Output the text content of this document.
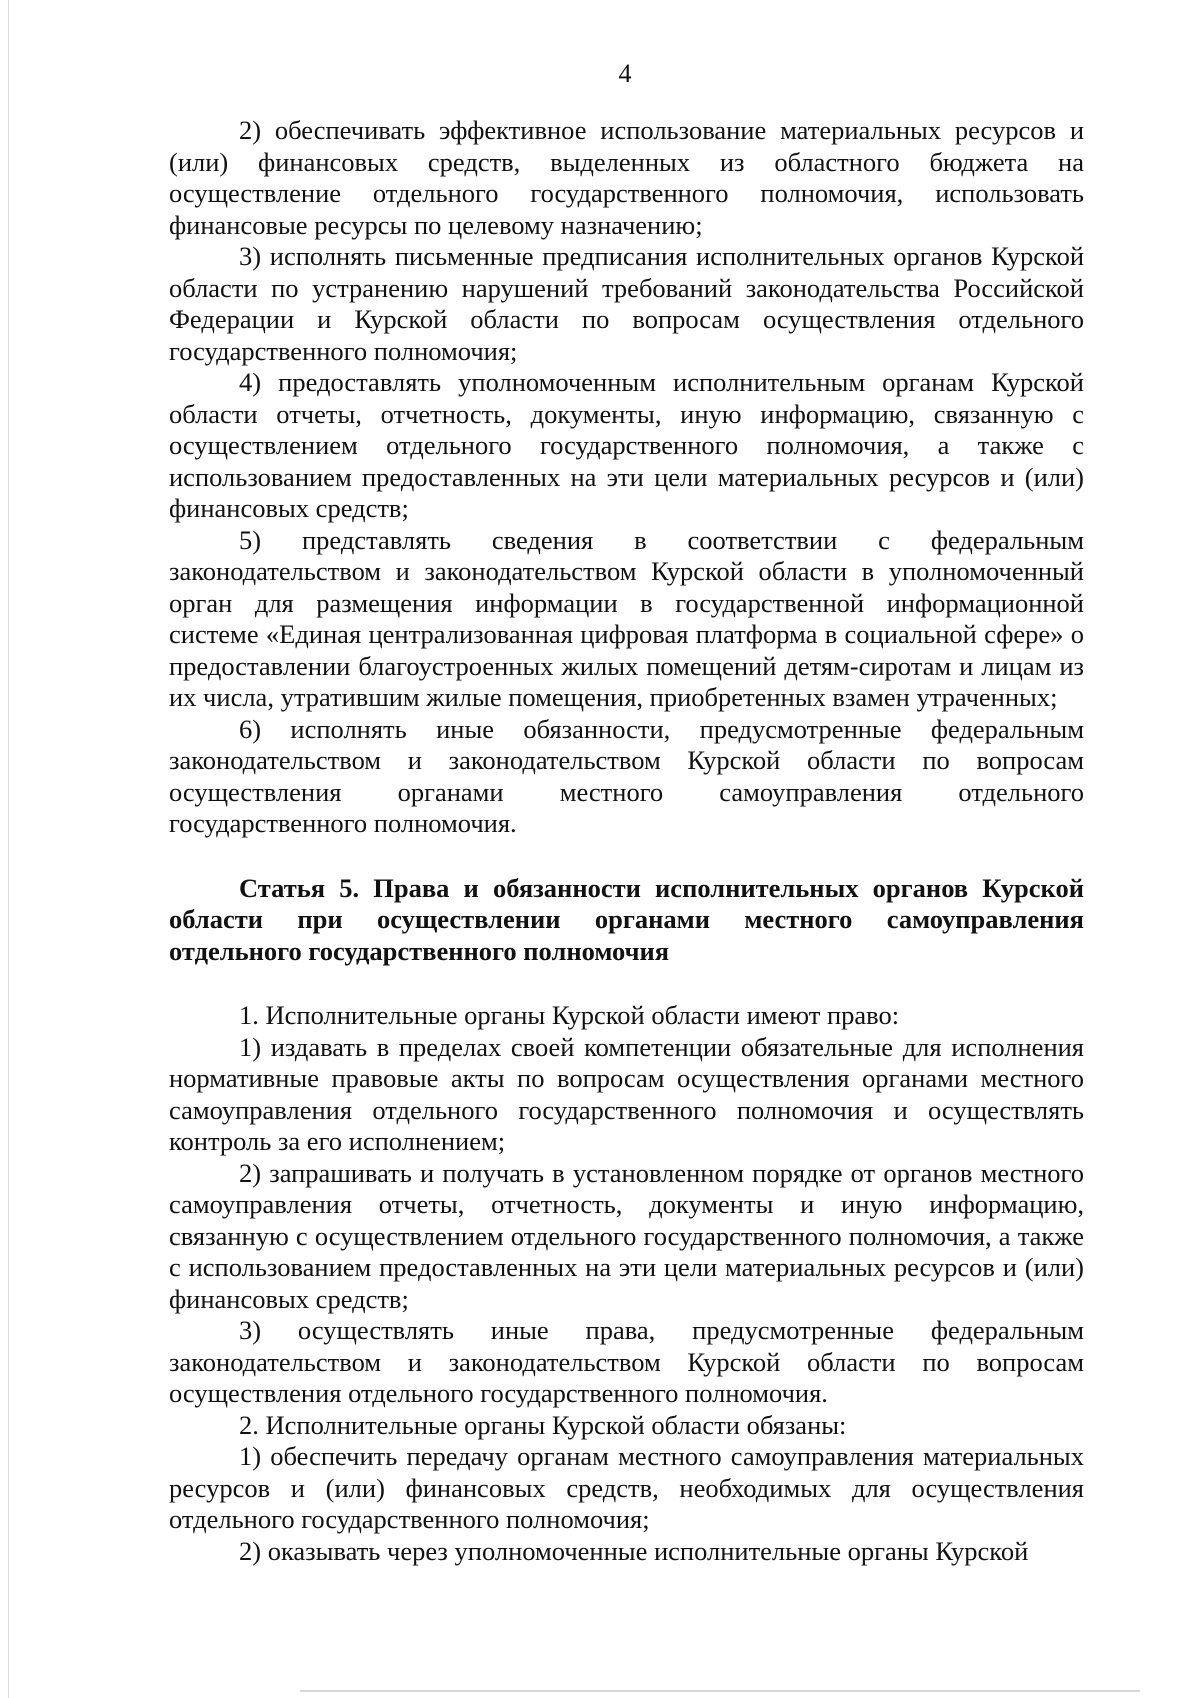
4

2) обеспечивать эффективное использование материальных ресурсов и (или) финансовых средств, выделенных из областного бюджета на осуществление отдельного государственного полномочия, использовать финансовые ресурсы по целевому назначению;

3) исполнять письменные предписания исполнительных органов Курской области по устранению нарушений требований законодательства Российской Федерации и Курской области по вопросам осуществления отдельного государственного полномочия;

4) предоставлять уполномоченным исполнительным органам Курской области отчеты, отчетность, документы, иную информацию, связанную с осуществлением отдельного государственного полномочия, а также с использованием предоставленных на эти цели материальных ресурсов и (или) финансовых средств;

5) представлять сведения в соответствии с федеральным законодательством и законодательством Курской области в уполномоченный орган для размещения информации в государственной информационной системе «Единая централизованная цифровая платформа в социальной сфере» о предоставлении благоустроенных жилых помещений детям-сиротам и лицам из их числа, утратившим жилые помещения, приобретенных взамен утраченных;

6) исполнять иные обязанности, предусмотренные федеральным законодательством и законодательством Курской области по вопросам осуществления органами местного самоуправления отдельного государственного полномочия.

Статья 5. Права и обязанности исполнительных органов Курской области при осуществлении органами местного самоуправления отдельного государственного полномочия

1. Исполнительные органы Курской области имеют право:

1) издавать в пределах своей компетенции обязательные для исполнения нормативные правовые акты по вопросам осуществления органами местного самоуправления отдельного государственного полномочия и осуществлять контроль за его исполнением;

2) запрашивать и получать в установленном порядке от органов местного самоуправления отчеты, отчетность, документы и иную информацию, связанную с осуществлением отдельного государственного полномочия, а также с использованием предоставленных на эти цели материальных ресурсов и (или) финансовых средств;

3) осуществлять иные права, предусмотренные федеральным законодательством и законодательством Курской области по вопросам осуществления отдельного государственного полномочия.

2. Исполнительные органы Курской области обязаны:

1) обеспечить передачу органам местного самоуправления материальных ресурсов и (или) финансовых средств, необходимых для осуществления отдельного государственного полномочия;

2) оказывать через уполномоченные исполнительные органы Курской
